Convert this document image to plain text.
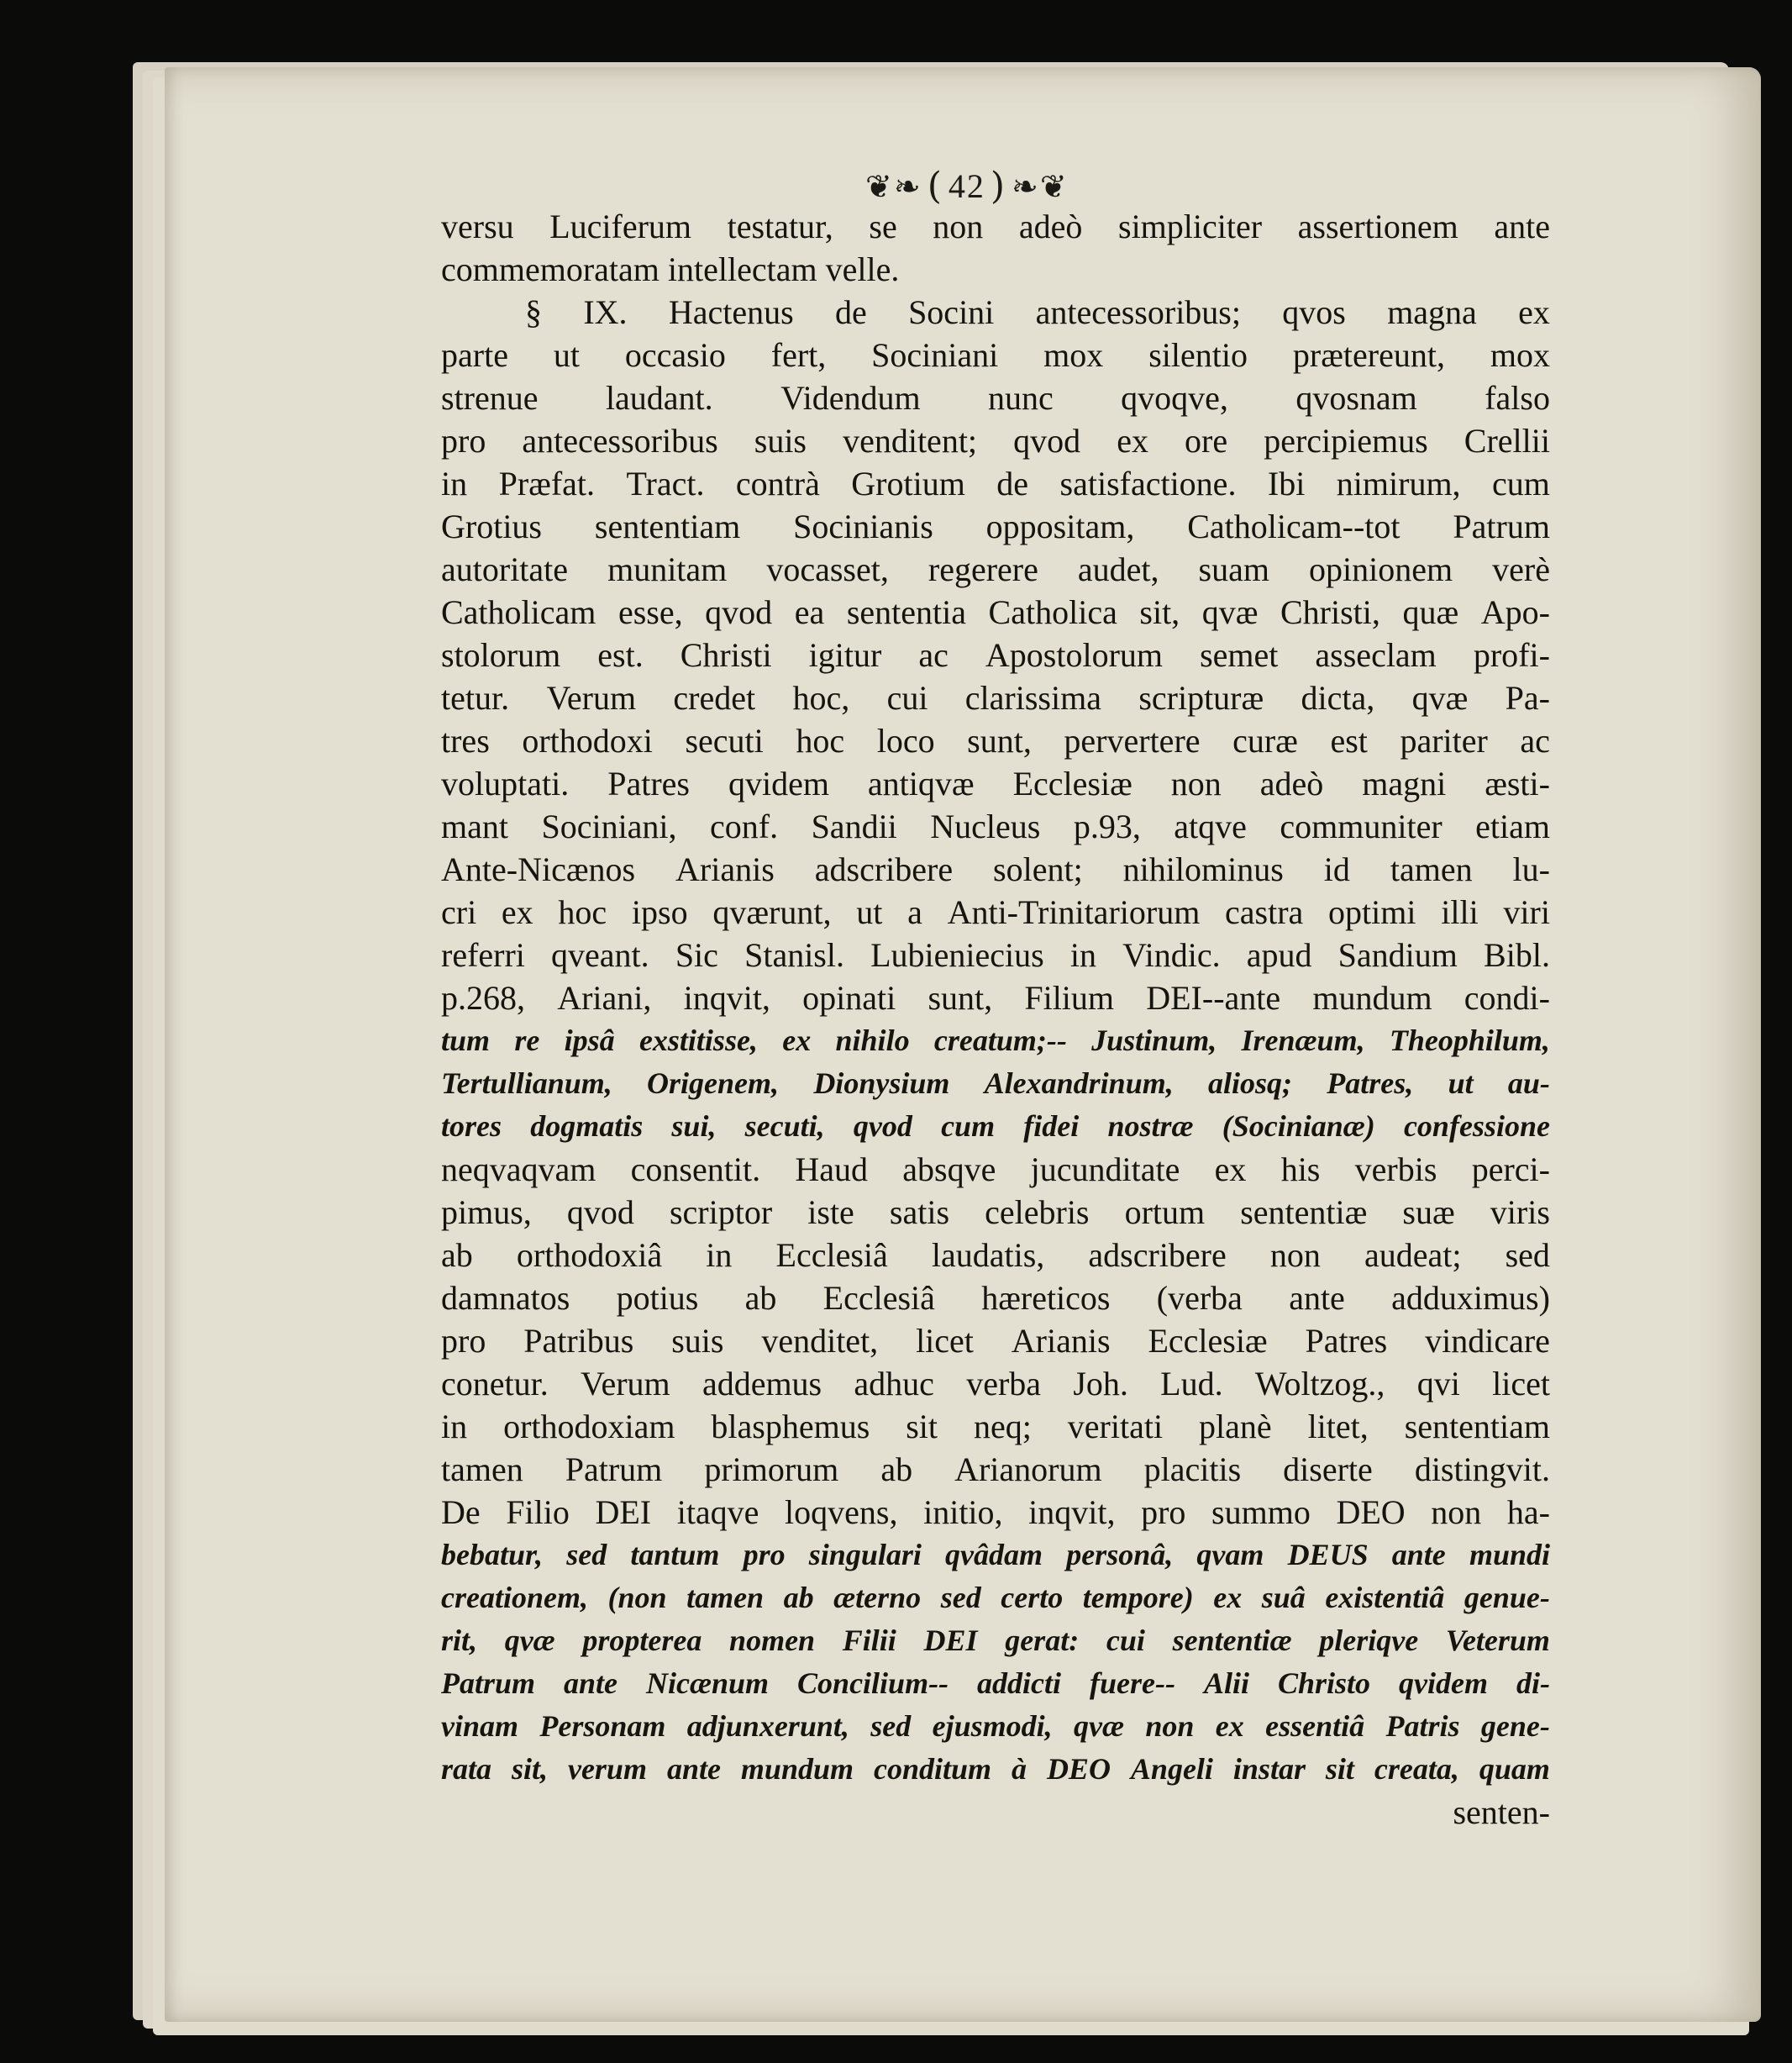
❦❧ ( 42 ) ❧❦
versu Luciferum testatur, se non adeò simpliciter assertionem ante
commemoratam intellectam velle.
§ IX. Hactenus de Socini antecessoribus; qvos magna ex
parte ut occasio fert, Sociniani mox silentio prætereunt, mox
strenue laudant. Videndum nunc qvoqve, qvosnam falso
pro antecessoribus suis venditent; qvod ex ore percipiemus Crellii
in Præfat. Tract. contrà Grotium de satisfactione. Ibi nimirum, cum
Grotius sententiam Socinianis oppositam, Catholicam--tot Patrum
autoritate munitam vocasset, regerere audet, suam opinionem verè
Catholicam esse, qvod ea sententia Catholica sit, qvæ Christi, quæ Apo-
stolorum est. Christi igitur ac Apostolorum semet asseclam profi-
tetur. Verum credet hoc, cui clarissima scripturæ dicta, qvæ Pa-
tres orthodoxi secuti hoc loco sunt, pervertere curæ est pariter ac
voluptati. Patres qvidem antiqvæ Ecclesiæ non adeò magni æsti-
mant Sociniani, conf. Sandii Nucleus p.93, atqve communiter etiam
Ante-Nicænos Arianis adscribere solent; nihilominus id tamen lu-
cri ex hoc ipso qværunt, ut a Anti-Trinitariorum castra optimi illi viri
referri qveant. Sic Stanisl. Lubieniecius in Vindic. apud Sandium Bibl.
p.268, Ariani, inqvit, opinati sunt, Filium DEI--ante mundum condi-
tum re ipsâ exstitisse, ex nihilo creatum;-- Justinum, Irenæum, Theophilum,
Tertullianum, Origenem, Dionysium Alexandrinum, aliosq; Patres, ut au-
tores dogmatis sui, secuti, qvod cum fidei nostræ (Socinianæ) confessione
neqvaqvam consentit. Haud absqve jucunditate ex his verbis perci-
pimus, qvod scriptor iste satis celebris ortum sententiæ suæ viris
ab orthodoxiâ in Ecclesiâ laudatis, adscribere non audeat; sed
damnatos potius ab Ecclesiâ hæreticos (verba ante adduximus)
pro Patribus suis venditet, licet Arianis Ecclesiæ Patres vindicare
conetur. Verum addemus adhuc verba Joh. Lud. Woltzog., qvi licet
in orthodoxiam blasphemus sit neq; veritati planè litet, sententiam
tamen Patrum primorum ab Arianorum placitis diserte distingvit.
De Filio DEI itaqve loqvens, initio, inqvit, pro summo DEO non ha-
bebatur, sed tantum pro singulari qvâdam personâ, qvam DEUS ante mundi
creationem, (non tamen ab æterno sed certo tempore) ex suâ existentiâ genue-
rit, qvæ propterea nomen Filii DEI gerat: cui sententiæ pleriqve Veterum
Patrum ante Nicænum Concilium-- addicti fuere-- Alii Christo qvidem di-
vinam Personam adjunxerunt, sed ejusmodi, qvæ non ex essentiâ Patris gene-
rata sit, verum ante mundum conditum à DEO Angeli instar sit creata, quam
senten-
